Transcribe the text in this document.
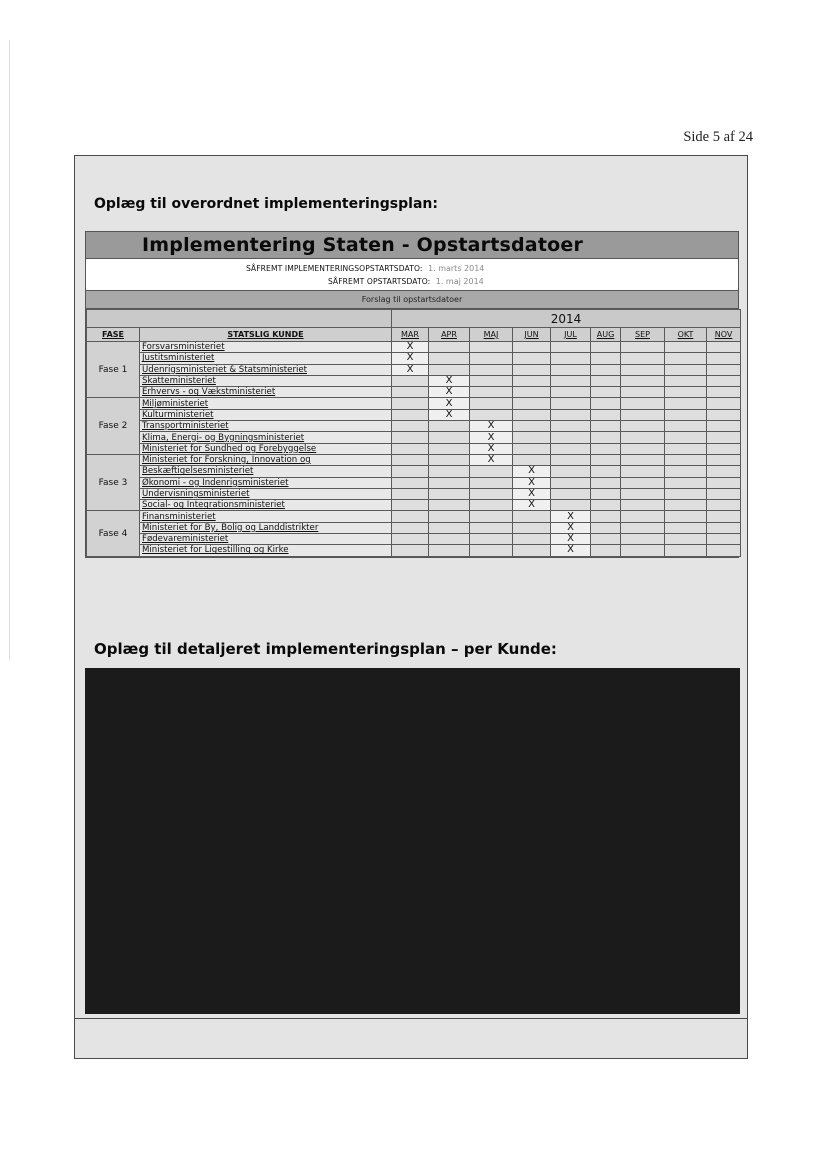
Side 5 af 24
Oplæg til overordnet implementeringsplan:
Implementering Staten - Opstartsdatoer
SÅFREMT IMPLEMENTERINGSOPSTARTSDATO: 1. marts 2014
SÅFREMT OPSTARTSDATO: 1. maj 2014
Forslag til opstartsdatoer
		2014								
FASE	STATSLIG KUNDE	MAR	APR	MAJ	JUN	JUL	AUG	SEP	OKT	NOV
Fase 1	Forsvarsministeriet	X								
	Justitsministeriet	X								
	Udenrigsministeriet & Statsministeriet	X								
	Skatteministeriet		X							
	Erhvervs - og Vækstministeriet		X							
Fase 2	Miljøministeriet		X							
	Kulturministeriet		X							
	Transportministeriet			X						
	Klima, Energi- og Bygningsministeriet			X						
	Ministeriet for Sundhed og Forebyggelse			X						
Fase 3	Ministeriet for Forskning, Innovation og			X						
	Beskæftigelsesministeriet				X					
	Økonomi - og Indenrigsministeriet				X					
	Undervisningsministeriet				X					
	Social- og Integrationsministeriet				X					
Fase 4	Finansministeriet					X				
	Ministeriet for By, Bolig og Landdistrikter					X				
	Fødevareministeriet					X				
	Ministeriet for Ligestilling og Kirke					X				
Oplæg til detaljeret implementeringsplan – per Kunde:
